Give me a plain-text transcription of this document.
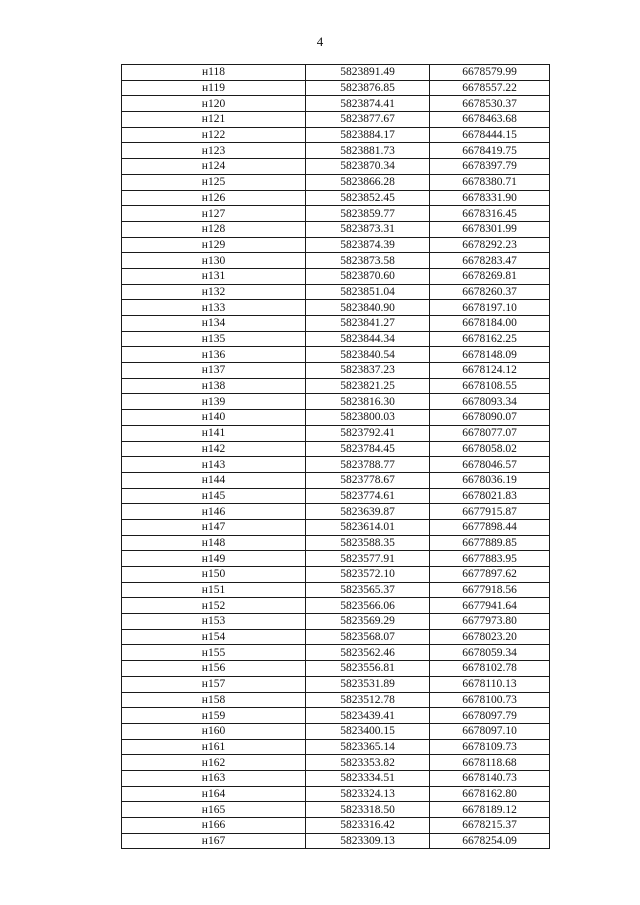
4
н118	5823891.49	6678579.99
н119	5823876.85	6678557.22
н120	5823874.41	6678530.37
н121	5823877.67	6678463.68
н122	5823884.17	6678444.15
н123	5823881.73	6678419.75
н124	5823870.34	6678397.79
н125	5823866.28	6678380.71
н126	5823852.45	6678331.90
н127	5823859.77	6678316.45
н128	5823873.31	6678301.99
н129	5823874.39	6678292.23
н130	5823873.58	6678283.47
н131	5823870.60	6678269.81
н132	5823851.04	6678260.37
н133	5823840.90	6678197.10
н134	5823841.27	6678184.00
н135	5823844.34	6678162.25
н136	5823840.54	6678148.09
н137	5823837.23	6678124.12
н138	5823821.25	6678108.55
н139	5823816.30	6678093.34
н140	5823800.03	6678090.07
н141	5823792.41	6678077.07
н142	5823784.45	6678058.02
н143	5823788.77	6678046.57
н144	5823778.67	6678036.19
н145	5823774.61	6678021.83
н146	5823639.87	6677915.87
н147	5823614.01	6677898.44
н148	5823588.35	6677889.85
н149	5823577.91	6677883.95
н150	5823572.10	6677897.62
н151	5823565.37	6677918.56
н152	5823566.06	6677941.64
н153	5823569.29	6677973.80
н154	5823568.07	6678023.20
н155	5823562.46	6678059.34
н156	5823556.81	6678102.78
н157	5823531.89	6678110.13
н158	5823512.78	6678100.73
н159	5823439.41	6678097.79
н160	5823400.15	6678097.10
н161	5823365.14	6678109.73
н162	5823353.82	6678118.68
н163	5823334.51	6678140.73
н164	5823324.13	6678162.80
н165	5823318.50	6678189.12
н166	5823316.42	6678215.37
н167	5823309.13	6678254.09
